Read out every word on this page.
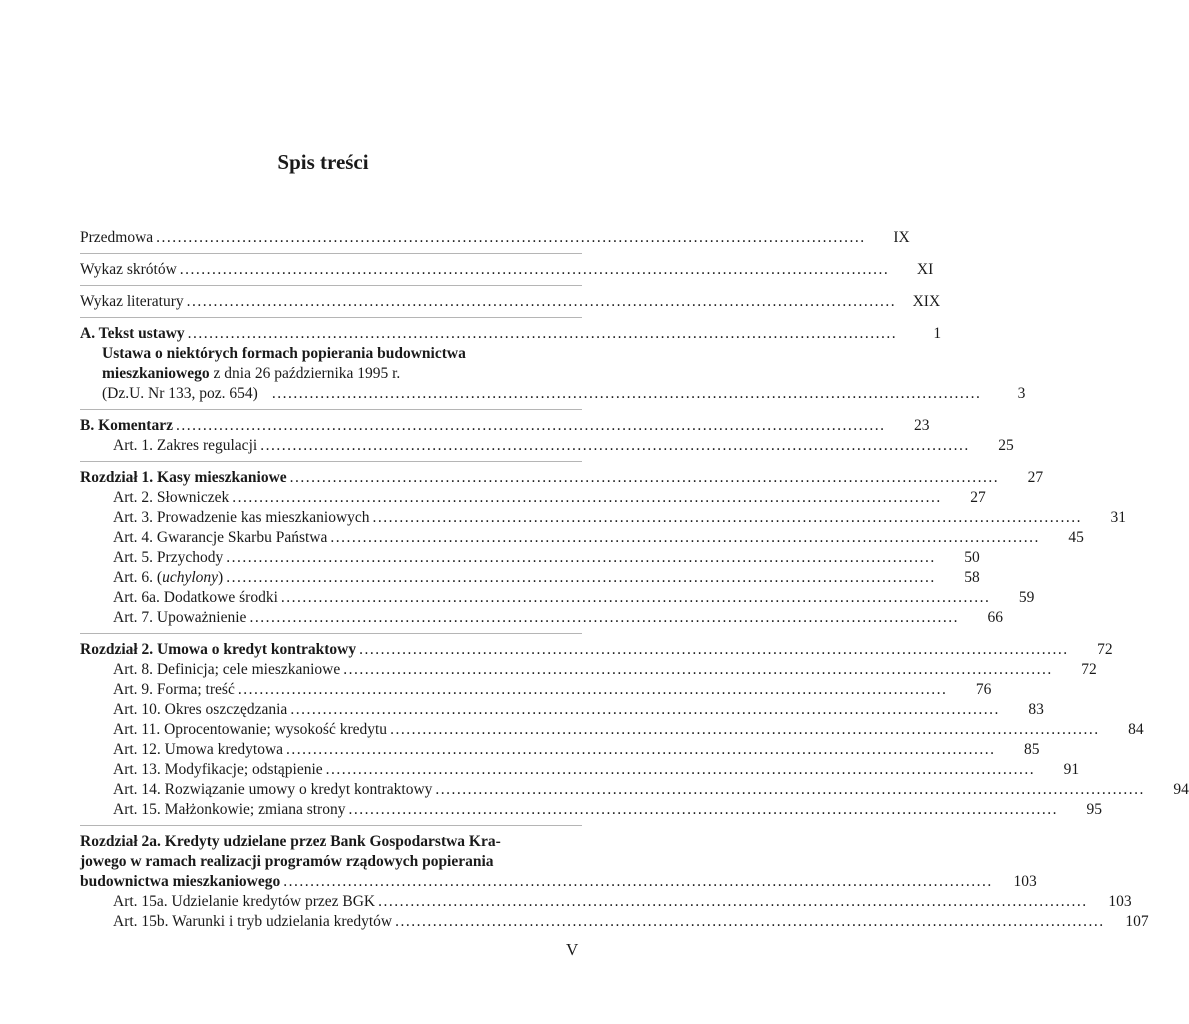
Spis treści
Przedmowa ....................................................................................................................................	IX
Wykaz skrótów ....................................................................................................................................	XI
Wykaz literatury ....................................................................................................................................	XIX
A. Tekst ustawy ....................................................................................................................................	1
Ustawa o niektórych formach popierania budownictwa
mieszkaniowego z dnia 26 października 1995 r.
(Dz.U. Nr 133, poz. 654) ....................................................................................................................................	3
B. Komentarz ....................................................................................................................................	23
Art. 1. Zakres regulacji ....................................................................................................................................	25
Rozdział 1. Kasy mieszkaniowe ....................................................................................................................................	27
Art. 2. Słowniczek ....................................................................................................................................	27
Art. 3. Prowadzenie kas mieszkaniowych ....................................................................................................................................	31
Art. 4. Gwarancje Skarbu Państwa ....................................................................................................................................	45
Art. 5. Przychody ....................................................................................................................................	50
Art. 6. (uchylony) ....................................................................................................................................	58
Art. 6a. Dodatkowe środki ....................................................................................................................................	59
Art. 7. Upoważnienie ....................................................................................................................................	66
Rozdział 2. Umowa o kredyt kontraktowy ....................................................................................................................................	72
Art. 8. Definicja; cele mieszkaniowe ....................................................................................................................................	72
Art. 9. Forma; treść ....................................................................................................................................	76
Art. 10. Okres oszczędzania ....................................................................................................................................	83
Art. 11. Oprocentowanie; wysokość kredytu ....................................................................................................................................	84
Art. 12. Umowa kredytowa ....................................................................................................................................	85
Art. 13. Modyfikacje; odstąpienie ....................................................................................................................................	91
Art. 14. Rozwiązanie umowy o kredyt kontraktowy ....................................................................................................................................	94
Art. 15. Małżonkowie; zmiana strony ....................................................................................................................................	95
Rozdział 2a. Kredyty udzielane przez Bank Gospodarstwa Kra-
jowego w ramach realizacji programów rządowych popierania
budownictwa mieszkaniowego ....................................................................................................................................	103
Art. 15a. Udzielanie kredytów przez BGK ....................................................................................................................................	103
Art. 15b. Warunki i tryb udzielania kredytów ....................................................................................................................................	107
V
